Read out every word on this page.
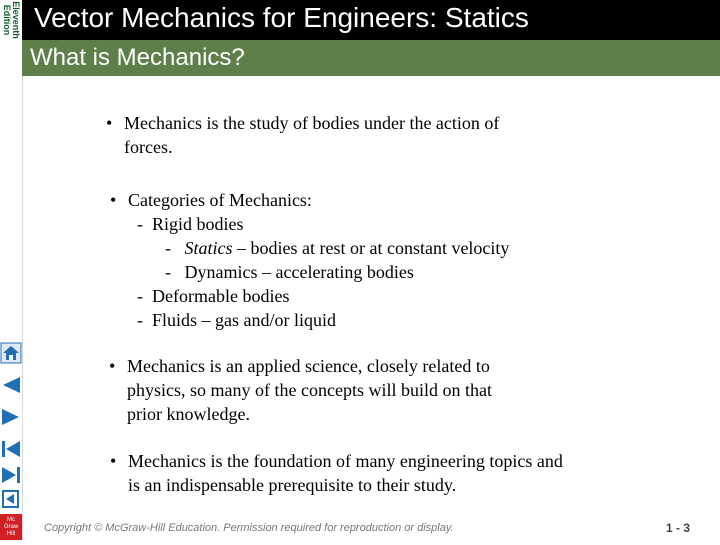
Eleventh
Edition Vector Mechanics for Engineers: Statics
What is Mechanics?
• Mechanics is the study of bodies under the action of
forces.
• Categories of Mechanics:
-  Rigid bodies
-   Statics – bodies at rest or at constant velocity
-   Dynamics – accelerating bodies
-  Deformable bodies
-  Fluids – gas and/or liquid
• Mechanics is an applied science, closely related to
physics, so many of the concepts will build on that
prior knowledge.
• Mechanics is the foundation of many engineering topics and
is an indispensable prerequisite to their study.
Mc
Graw
Hill
Education
Copyright © McGraw-Hill Education. Permission required for reproduction or display.	1 - 3
